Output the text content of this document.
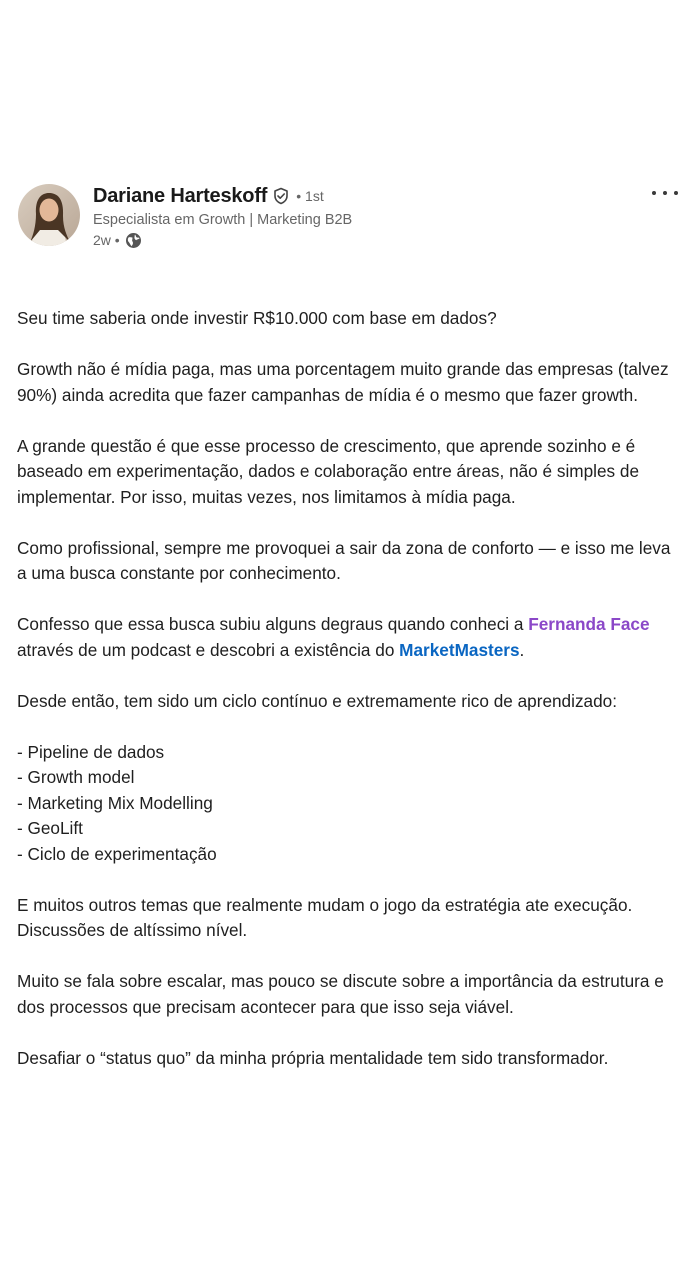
Dariane Harteskoff • 1st
Especialista em Growth | Marketing B2B
2w •

Seu time saberia onde investir R$10.000 com base em dados?

Growth não é mídia paga, mas uma porcentagem muito grande das empresas (talvez 90%) ainda acredita que fazer campanhas de mídia é o mesmo que fazer growth.

A grande questão é que esse processo de crescimento, que aprende sozinho e é baseado em experimentação, dados e colaboração entre áreas, não é simples de implementar. Por isso, muitas vezes, nos limitamos à mídia paga.

Como profissional, sempre me provoquei a sair da zona de conforto — e isso me leva a uma busca constante por conhecimento.

Confesso que essa busca subiu alguns degraus quando conheci a Fernanda Face através de um podcast e descobri a existência do MarketMasters.

Desde então, tem sido um ciclo contínuo e extremamente rico de aprendizado:

- Pipeline de dados
- Growth model
- Marketing Mix Modelling
- GeoLift
- Ciclo de experimentação

E muitos outros temas que realmente mudam o jogo da estratégia ate execução. Discussões de altíssimo nível.

Muito se fala sobre escalar, mas pouco se discute sobre a importância da estrutura e dos processos que precisam acontecer para que isso seja viável.

Desafiar o “status quo” da minha própria mentalidade tem sido transformador.
